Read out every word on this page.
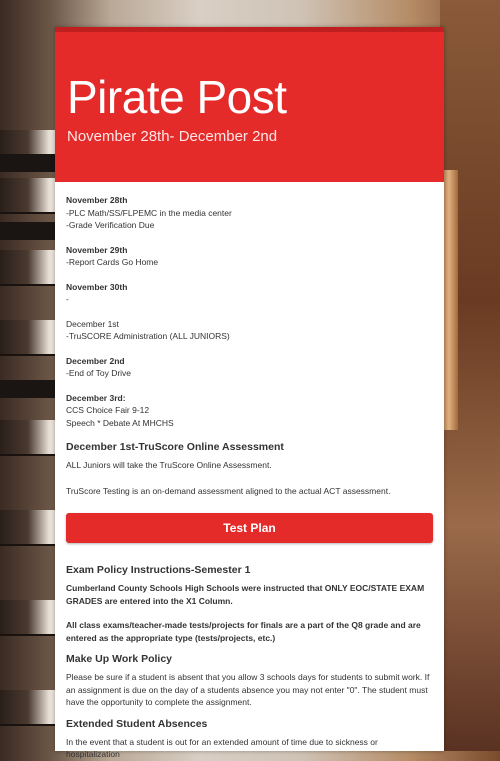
Pirate Post
November 28th- December 2nd
November 28th
-PLC Math/SS/FLPEMC in the media center
-Grade Verification Due
November 29th
-Report Cards Go Home
November 30th
-
December 1st
-TruSCORE Administration (ALL JUNIORS)
December 2nd
-End of Toy Drive
December 3rd:
CCS Choice Fair 9-12
Speech * Debate At MHCHS
December 1st-TruScore Online Assessment

ALL Juniors will take the TruScore Online Assessment.

TruScore Testing is an on-demand assessment aligned to the actual ACT assessment.

Test Plan
Exam Policy Instructions-Semester 1

Cumberland County Schools High Schools were instructed that ONLY EOC/STATE EXAM GRADES are entered into the X1 Column.

All class exams/teacher-made tests/projects for finals are a part of the Q8 grade and are entered as the appropriate type (tests/projects, etc.)

Make Up Work Policy

Please be sure if a student is absent that you allow 3 schools days for students to submit work. If an assignment is due on the day of a students absence you may not enter "0". The student must have the opportunity to complete the assignment.

Extended Student Absences

In the event that a student is out for an extended amount of time due to sickness or hospitalization
